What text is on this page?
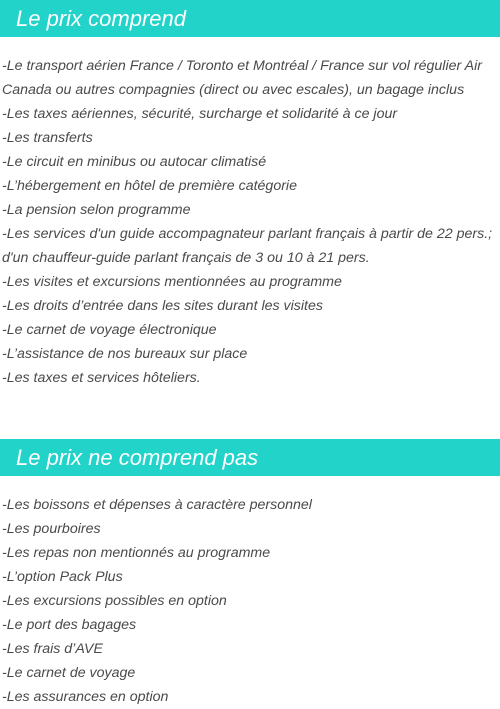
Le prix comprend
-Le transport aérien France / Toronto et Montréal / France sur vol régulier Air Canada ou autres compagnies (direct ou avec escales), un bagage inclus
-Les taxes aériennes, sécurité, surcharge et solidarité à ce jour
-Les transferts
-Le circuit en minibus ou autocar climatisé
-L’hébergement en hôtel de première catégorie
-La pension selon programme
-Les services d'un guide accompagnateur parlant français à partir de 22 pers.; d'un chauffeur-guide parlant français de 3 ou 10 à 21 pers.
-Les visites et excursions mentionnées au programme
-Les droits d’entrée dans les sites durant les visites
-Le carnet de voyage électronique
-L’assistance de nos bureaux sur place
-Les taxes et services hôteliers.
Le prix ne comprend pas
-Les boissons et dépenses à caractère personnel
-Les pourboires
-Les repas non mentionnés au programme
-L’option Pack Plus
-Les excursions possibles en option
-Le port des bagages
-Les frais d’AVE
-Le carnet de voyage
-Les assurances en option
